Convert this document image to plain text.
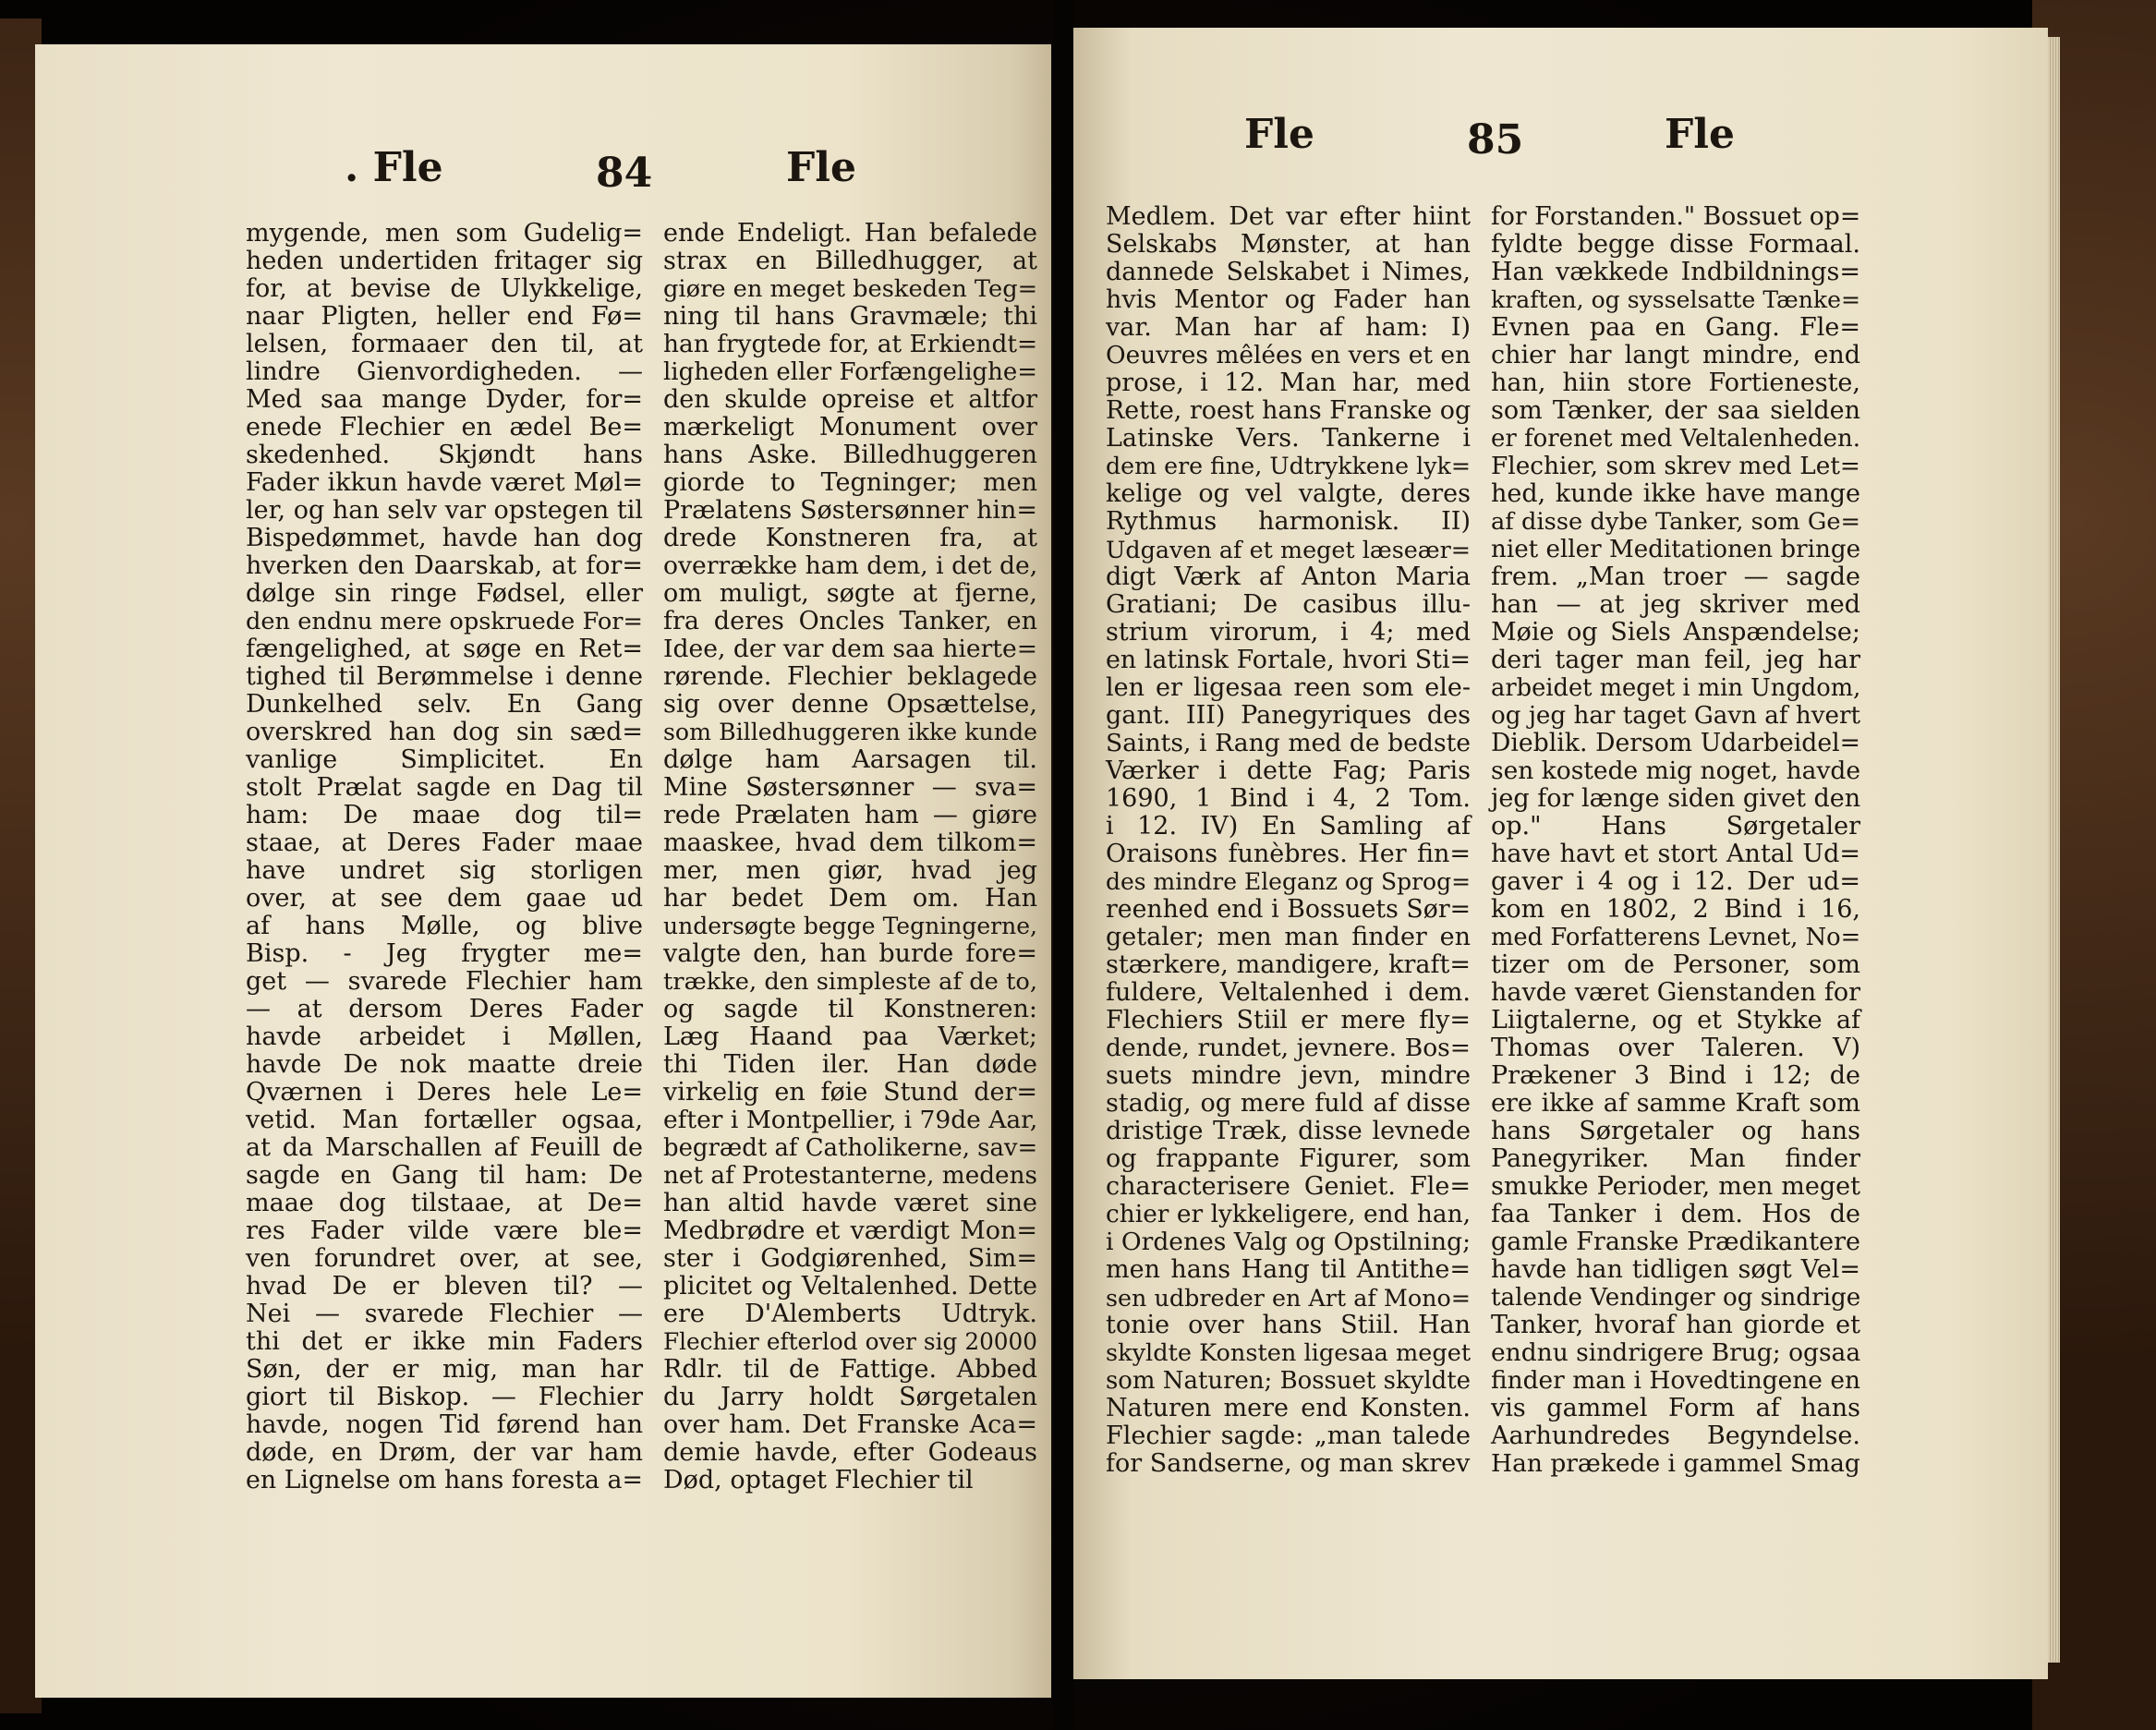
. Fle	84	Fle
mygende, men som Gudelig=
heden undertiden fritager sig
for, at bevise de Ulykkelige,
naar Pligten, heller end Fø=
lelsen, formaaer den til, at
lindre Gienvordigheden. —
Med saa mange Dyder, for=
enede Flechier en ædel Be=
skedenhed. Skjøndt hans
Fader ikkun havde været Møl=
ler, og han selv var opstegen til
Bispedømmet, havde han dog
hverken den Daarskab, at for=
dølge sin ringe Fødsel, eller
den endnu mere opskruede For=
fængelighed, at søge en Ret=
tighed til Berømmelse i denne
Dunkelhed selv. En Gang
overskred han dog sin sæd=
vanlige Simplicitet. En
stolt Prælat sagde en Dag til
ham: De maae dog til=
staae, at Deres Fader maae
have undret sig storligen
over, at see dem gaae ud
af hans Mølle, og blive
Bisp. - Jeg frygter me=
get — svarede Flechier ham
— at dersom Deres Fader
havde arbeidet i Møllen,
havde De nok maatte dreie
Qværnen i Deres hele Le=
vetid. Man fortæller ogsaa,
at da Marschallen af Feuill de
sagde en Gang til ham: De
maae dog tilstaae, at De=
res Fader vilde være ble=
ven forundret over, at see,
hvad De er bleven til? —
Nei — svarede Flechier —
thi det er ikke min Faders
Søn, der er mig, man har
giort til Biskop. — Flechier
havde, nogen Tid førend han
døde, en Drøm, der var ham
en Lignelse om hans foresta a=
ende Endeligt. Han befalede
strax en Billedhugger, at
giøre en meget beskeden Teg=
ning til hans Gravmæle; thi
han frygtede for, at Erkiendt=
ligheden eller Forfængelighe=
den skulde opreise et altfor
mærkeligt Monument over
hans Aske. Billedhuggeren
giorde to Tegninger; men
Prælatens Søstersønner hin=
drede Konstneren fra, at
overrække ham dem, i det de,
om muligt, søgte at fjerne,
fra deres Oncles Tanker, en
Idee, der var dem saa hierte=
rørende. Flechier beklagede
sig over denne Opsættelse,
som Billedhuggeren ikke kunde
dølge ham Aarsagen til.
Mine Søstersønner — sva=
rede Prælaten ham — giøre
maaskee, hvad dem tilkom=
mer, men giør, hvad jeg
har bedet Dem om. Han
undersøgte begge Tegningerne,
valgte den, han burde fore=
trække, den simpleste af de to,
og sagde til Konstneren:
Læg Haand paa Værket;
thi Tiden iler. Han døde
virkelig en føie Stund der=
efter i Montpellier, i 79de Aar,
begrædt af Catholikerne, sav=
net af Protestanterne, medens
han altid havde været sine
Medbrødre et værdigt Mon=
ster i Godgiørenhed, Sim=
plicitet og Veltalenhed. Dette
ere D'Alemberts Udtryk.
Flechier efterlod over sig 20000
Rdlr. til de Fattige. Abbed
du Jarry holdt Sørgetalen
over ham. Det Franske Aca=
demie havde, efter Godeaus
Død, optaget Flechier til
Fle	85	Fle
Medlem. Det var efter hiint
Selskabs Mønster, at han
dannede Selskabet i Nimes,
hvis Mentor og Fader han
var. Man har af ham: I)
Oeuvres mêlées en vers et en
prose, i 12. Man har, med
Rette, roest hans Franske og
Latinske Vers. Tankerne i
dem ere fine, Udtrykkene lyk=
kelige og vel valgte, deres
Rythmus harmonisk. II)
Udgaven af et meget læseær=
digt Værk af Anton Maria
Gratiani; De casibus illu-
strium virorum, i 4; med
en latinsk Fortale, hvori Sti=
len er ligesaa reen som ele-
gant. III) Panegyriques des
Saints, i Rang med de bedste
Værker i dette Fag; Paris
1690, 1 Bind i 4, 2 Tom.
i 12. IV) En Samling af
Oraisons funèbres. Her fin=
des mindre Eleganz og Sprog=
reenhed end i Bossuets Sør=
getaler; men man finder en
stærkere, mandigere, kraft=
fuldere, Veltalenhed i dem.
Flechiers Stiil er mere fly=
dende, rundet, jevnere. Bos=
suets mindre jevn, mindre
stadig, og mere fuld af disse
dristige Træk, disse levnede
og frappante Figurer, som
characterisere Geniet. Fle=
chier er lykkeligere, end han,
i Ordenes Valg og Opstilning;
men hans Hang til Antithe=
sen udbreder en Art af Mono=
tonie over hans Stiil. Han
skyldte Konsten ligesaa meget
som Naturen; Bossuet skyldte
Naturen mere end Konsten.
Flechier sagde: „man talede
for Sandserne, og man skrev
for Forstanden." Bossuet op=
fyldte begge disse Formaal.
Han vækkede Indbildnings=
kraften, og sysselsatte Tænke=
Evnen paa en Gang. Fle=
chier har langt mindre, end
han, hiin store Fortieneste,
som Tænker, der saa sielden
er forenet med Veltalenheden.
Flechier, som skrev med Let=
hed, kunde ikke have mange
af disse dybe Tanker, som Ge=
niet eller Meditationen bringe
frem. „Man troer — sagde
han — at jeg skriver med
Møie og Siels Anspændelse;
deri tager man feil, jeg har
arbeidet meget i min Ungdom,
og jeg har taget Gavn af hvert
Dieblik. Dersom Udarbeidel=
sen kostede mig noget, havde
jeg for længe siden givet den
op." Hans Sørgetaler
have havt et stort Antal Ud=
gaver i 4 og i 12. Der ud=
kom en 1802, 2 Bind i 16,
med Forfatterens Levnet, No=
tizer om de Personer, som
havde været Gienstanden for
Liigtalerne, og et Stykke af
Thomas over Taleren. V)
Prækener 3 Bind i 12; de
ere ikke af samme Kraft som
hans Sørgetaler og hans
Panegyriker. Man finder
smukke Perioder, men meget
faa Tanker i dem. Hos de
gamle Franske Prædikantere
havde han tidligen søgt Vel=
talende Vendinger og sindrige
Tanker, hvoraf han giorde et
endnu sindrigere Brug; ogsaa
finder man i Hovedtingene en
vis gammel Form af hans
Aarhundredes Begyndelse.
Han prækede i gammel Smag
